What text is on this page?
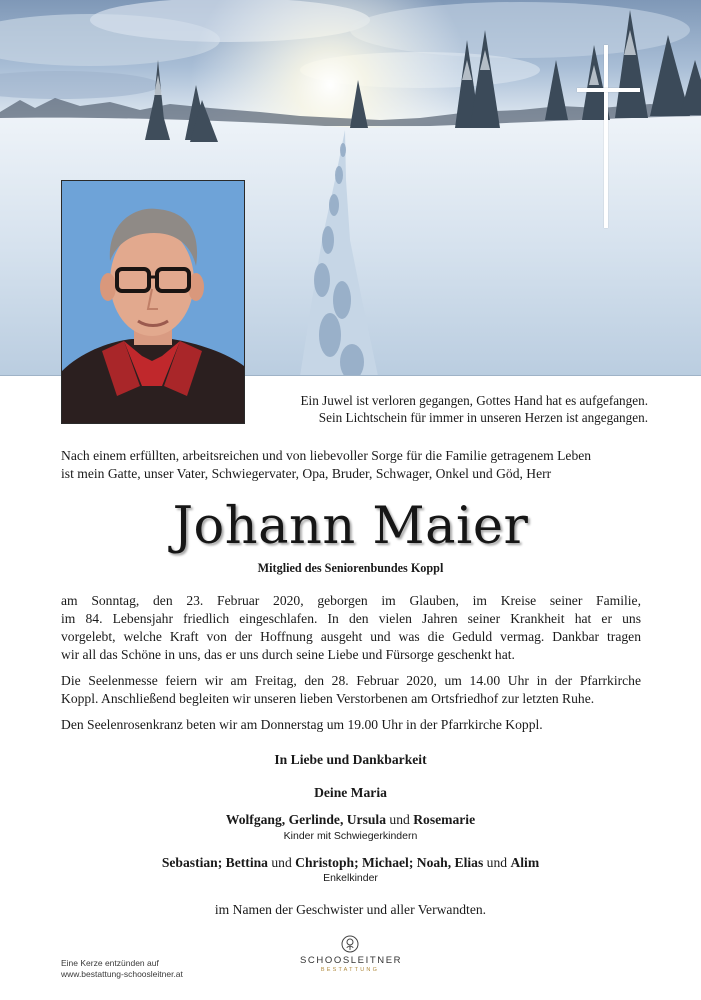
Ein Juwel ist verloren gegangen, Gottes Hand hat es aufgefangen.
Sein Lichtschein für immer in unseren Herzen ist angegangen.
Nach einem erfüllten, arbeitsreichen und von liebevoller Sorge für die Familie getragenem Leben
ist mein Gatte, unser Vater, Schwiegervater, Opa, Bruder, Schwager, Onkel und Göd, Herr
Johann Maier
Mitglied des Seniorenbundes Koppl
am Sonntag, den 23. Februar 2020, geborgen im Glauben, im Kreise seiner Familie,
im 84. Lebensjahr friedlich eingeschlafen. In den vielen Jahren seiner Krankheit hat er uns
vorgelebt, welche Kraft von der Hoffnung ausgeht und was die Geduld vermag. Dankbar tragen
wir all das Schöne in uns, das er uns durch seine Liebe und Fürsorge geschenkt hat.
Die Seelenmesse feiern wir am Freitag, den 28. Februar 2020, um 14.00 Uhr in der Pfarrkirche
Koppl. Anschließend begleiten wir unseren lieben Verstorbenen am Ortsfriedhof zur letzten Ruhe.
Den Seelenrosenkranz beten wir am Donnerstag um 19.00 Uhr in der Pfarrkirche Koppl.
In Liebe und Dankbarkeit
Deine Maria
Wolfgang, Gerlinde, Ursula und Rosemarie
Kinder mit Schwiegerkindern
Sebastian; Bettina und Christoph; Michael; Noah, Elias und Alim
Enkelkinder
im Namen der Geschwister und aller Verwandten.
Eine Kerze entzünden auf
www.bestattung-schoosleitner.at
SCHOOSLEITNER
BESTATTUNG
